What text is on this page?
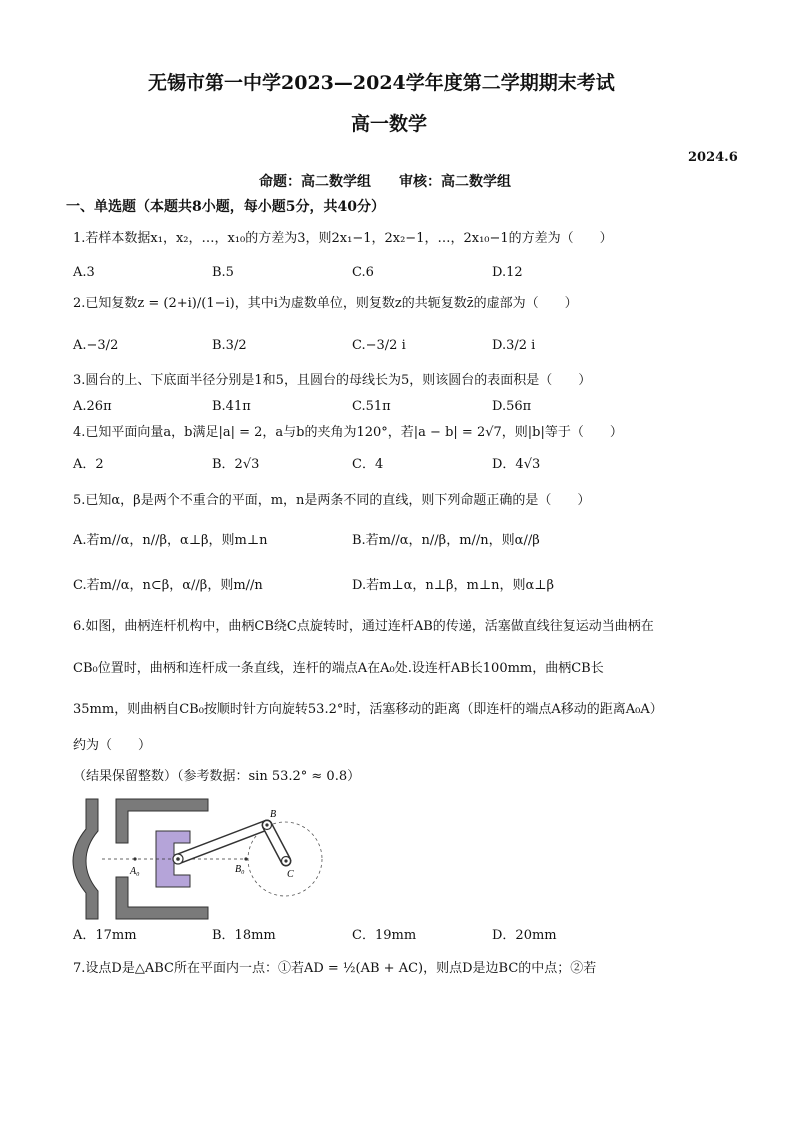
无锡市第一中学2023—2024学年度第二学期期末考试
高一数学
2024.6
命题：高二数学组　　审核：高二数学组
一、单选题（本题共8小题，每小题5分，共40分）
1.若样本数据x₁，x₂，…，x₁₀的方差为3，则2x₁−1，2x₂−1，…，2x₁₀−1的方差为（　　）
A.3	B.5	C.6	D.12
2.已知复数z = (2+i)/(1−i)，其中i为虚数单位，则复数z的共轭复数z̄的虚部为（　　）
A.−3/2	B.3/2	C.−3/2 i	D.3/2 i
3.圆台的上、下底面半径分别是1和5，且圆台的母线长为5，则该圆台的表面积是（　　）
A.26π	B.41π	C.51π	D.56π
4.已知平面向量a，b满足|a| = 2，a与b的夹角为120°，若|a − b| = 2√7，则|b|等于（　　）
A．2	B．2√3	C．4	D．4√3
5.已知α，β是两个不重合的平面，m，n是两条不同的直线，则下列命题正确的是（　　）
A.若m//α，n//β，α⊥β，则m⊥n	B.若m//α，n//β，m//n，则α//β
C.若m//α，n⊂β，α//β，则m//n	D.若m⊥α，n⊥β，m⊥n，则α⊥β
6.如图，曲柄连杆机构中，曲柄CB绕C点旋转时，通过连杆AB的传递，活塞做直线往复运动当曲柄在
CB₀位置时，曲柄和连杆成一条直线，连杆的端点A在A₀处.设连杆AB长100mm，曲柄CB长
35mm，则曲柄自CB₀按顺时针方向旋转53.2°时，活塞移动的距离（即连杆的端点A移动的距离A₀A）
约为（　　）
（结果保留整数）（参考数据：sin 53.2° ≈ 0.8）
A₀	B₀
B
C
A．17mm	B．18mm	C．19mm	D．20mm
7.设点D是△ABC所在平面内一点：①若AD = ½(AB + AC)，则点D是边BC的中点；②若
